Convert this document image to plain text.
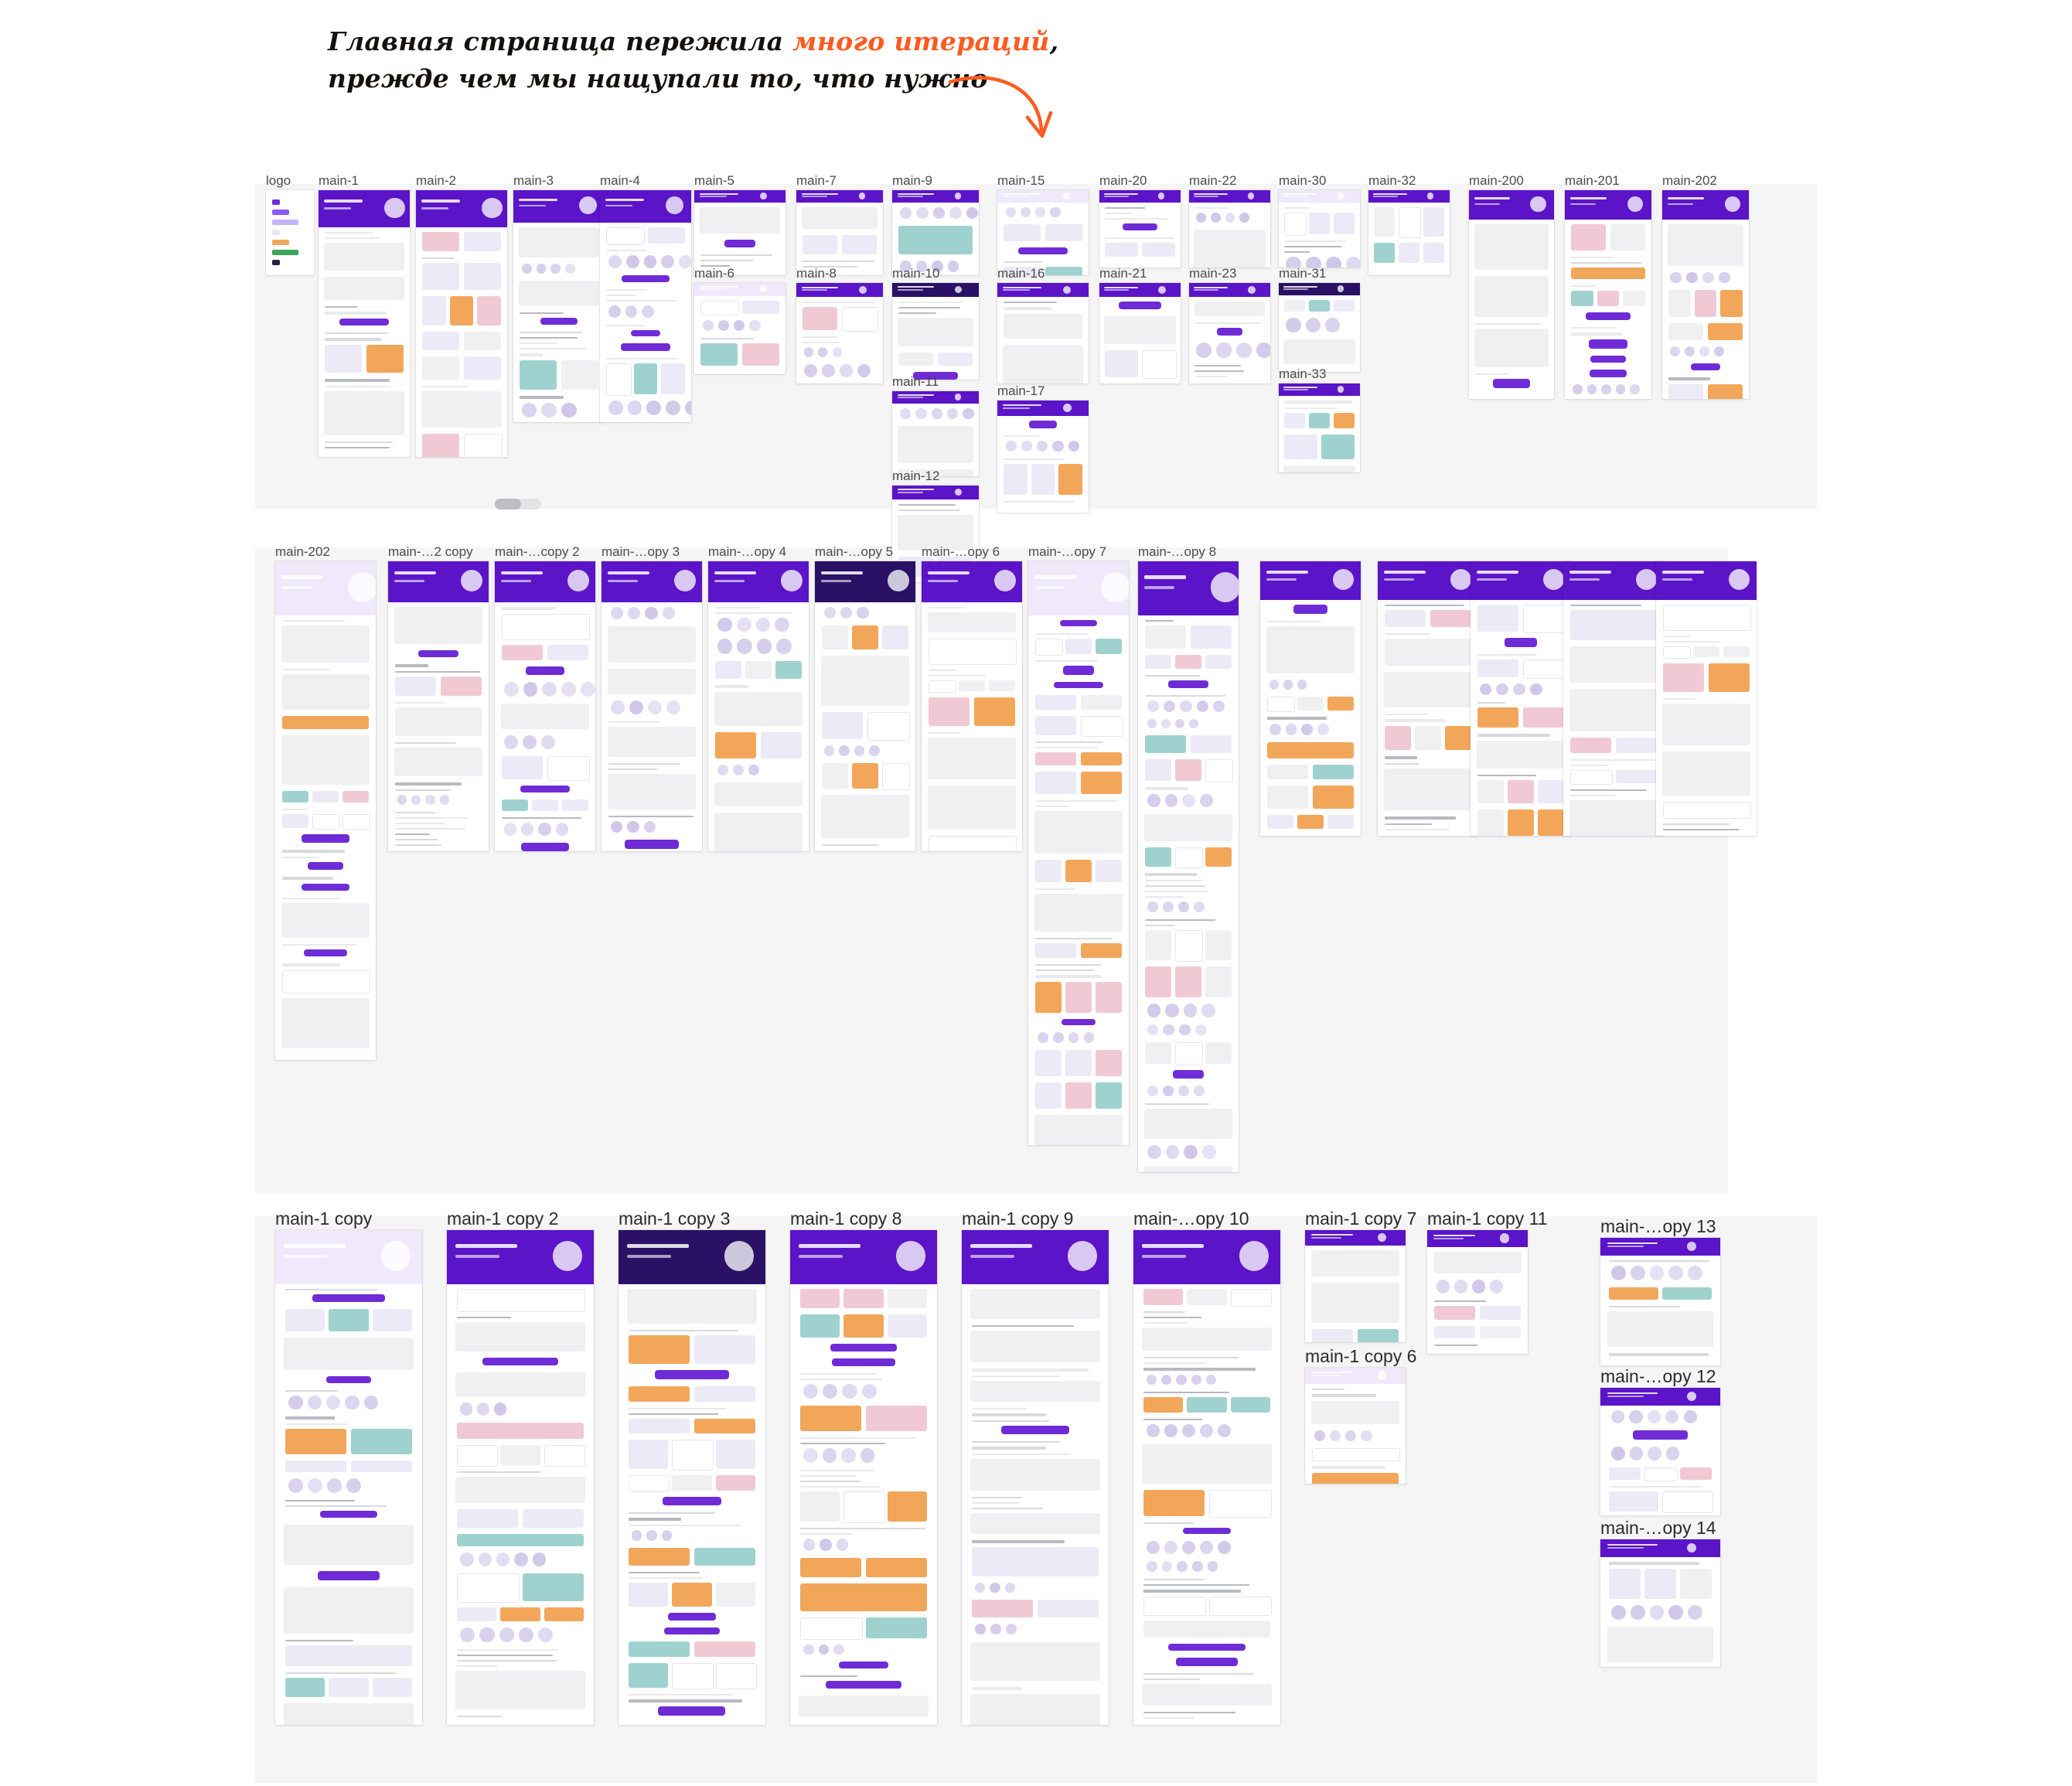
Главная страница пережила много итераций,
прежде чем мы нащупали то, что нужно
logo main-1	main-2	main-3	main-4	main-5
main-6
main-7
main-8
main-9
main-10
main-11
main-12
main-15
main-16
main-17
main-20
main-21
main-22
main-23
main-30
main-31
main-33
main-32	main-200	main-201	main-202
main-202	main-…2 copy main-…copy 2 main-…opy 3 main-…opy 4 main-…opy 5 main-…opy 6 main-…opy 7 main-…opy 8
main-1 copy	main-1 copy 2	main-1 copy 3	main-1 copy 8	main-1 copy 9	main-…opy 10	main-1 copy 7
main-1 copy 6
main-1 copy 11	main-…opy 13
main-…opy 12
main-…opy 14
